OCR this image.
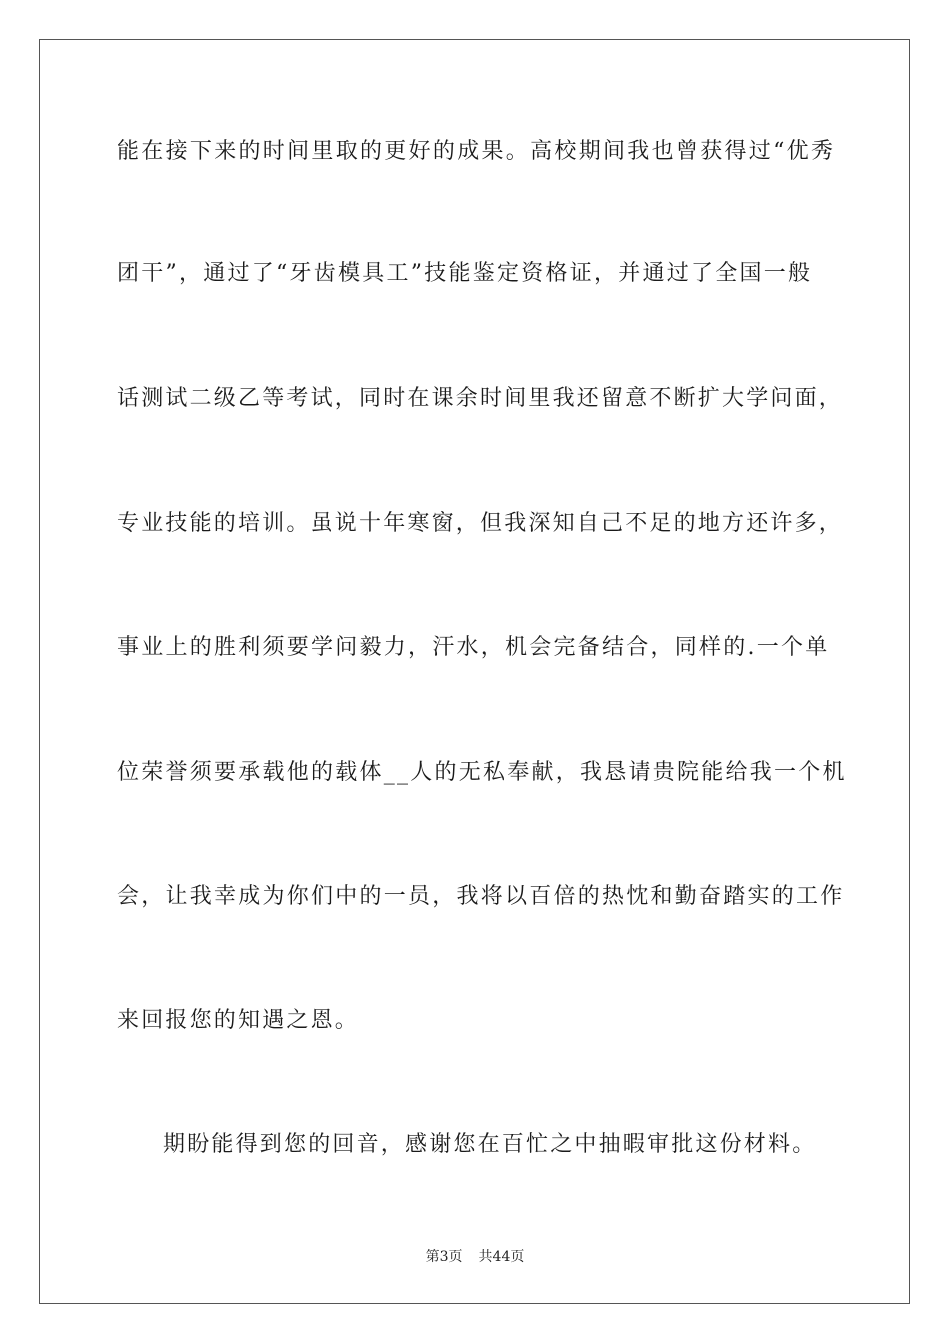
能在接下来的时间里取的更好的成果。高校期间我也曾获得过“优秀
团干”，通过了“牙齿模具工”技能鉴定资格证，并通过了全国一般
话测试二级乙等考试，同时在课余时间里我还留意不断扩大学问面，
专业技能的培训。虽说十年寒窗，但我深知自己不足的地方还许多，
事业上的胜利须要学问毅力，汗水，机会完备结合，同样的.一个单
位荣誉须要承载他的载体__人的无私奉献，我恳请贵院能给我一个机
会，让我幸成为你们中的一员，我将以百倍的热忱和勤奋踏实的工作
来回报您的知遇之恩。
期盼能得到您的回音，感谢您在百忙之中抽暇审批这份材料。
第3页 共44页
